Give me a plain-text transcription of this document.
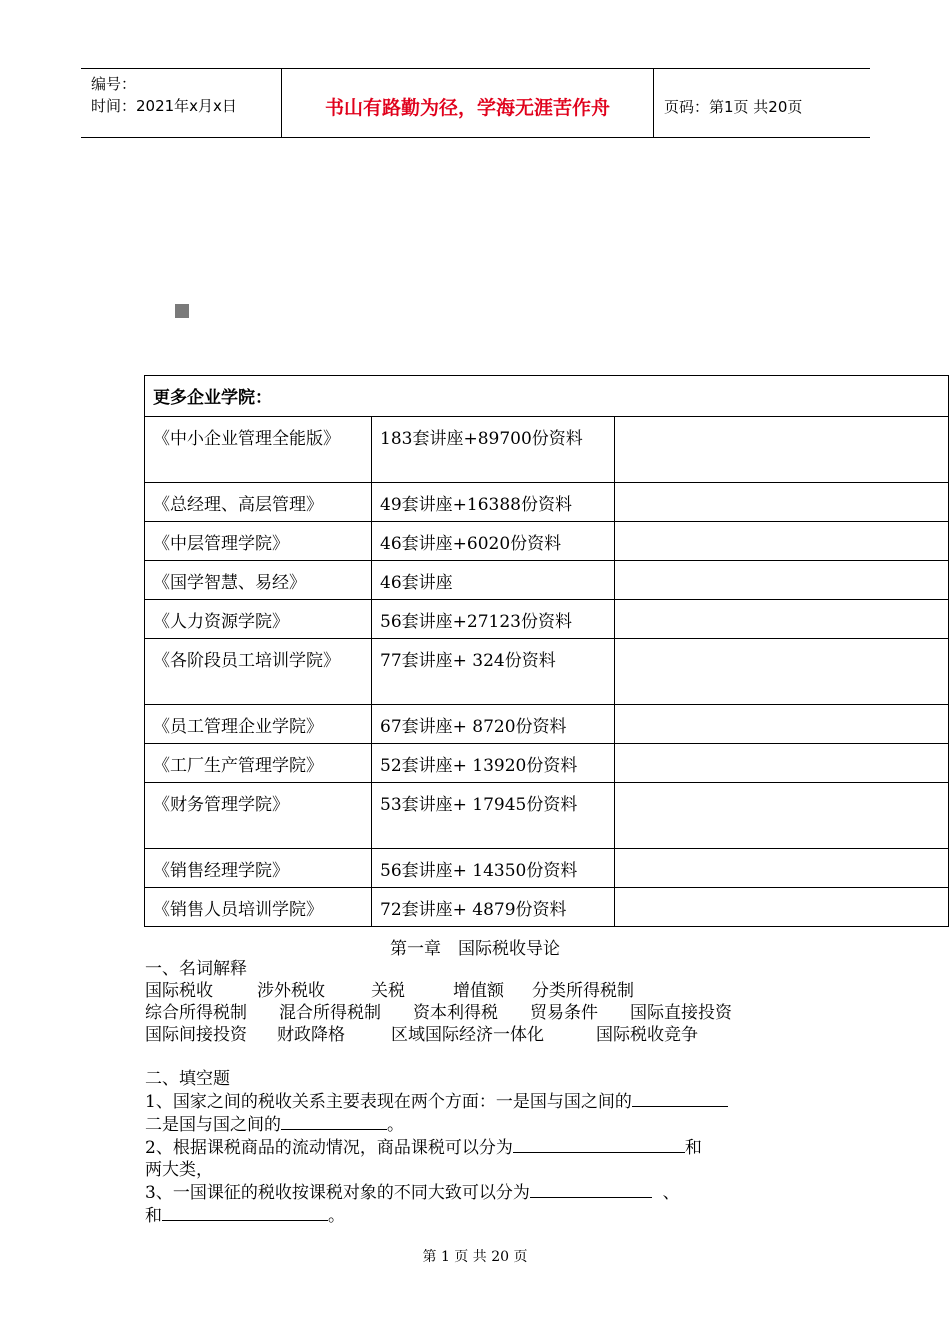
编号：
时间：2021年x月x日	书山有路勤为径，学海无涯苦作舟	页码：第1页 共20页
更多企业学院：		
《中小企业管理全能版》	183套讲座+89700份资料	
《总经理、高层管理》	49套讲座+16388份资料	
《中层管理学院》	46套讲座+6020份资料	
《国学智慧、易经》	46套讲座	
《人力资源学院》	56套讲座+27123份资料	
《各阶段员工培训学院》	77套讲座+ 324份资料	
《员工管理企业学院》	67套讲座+ 8720份资料	
《工厂生产管理学院》	52套讲座+ 13920份资料	
《财务管理学院》	53套讲座+ 17945份资料	
《销售经理学院》	56套讲座+ 14350份资料	
《销售人员培训学院》	72套讲座+ 4879份资料	
第一章　国际税收导论

一、名词解释

国际税收	涉外税收	关税	增值额 分类所得税制

综合所得税制 混合所得税制 资本利得税 贸易条件 国际直接投资

国际间接投资 财政降格	区域国际经济一体化	国际税收竞争

二、填空题

1、国家之间的税收关系主要表现在两个方面：一是国与国之间的

二是国与国之间的	。

2、根据课税商品的流动情况，商品课税可以分为	和

两大类，

3、一国课征的税收按课税对象的不同大致可以分为	、

和	。

第 1 页 共 20 页
